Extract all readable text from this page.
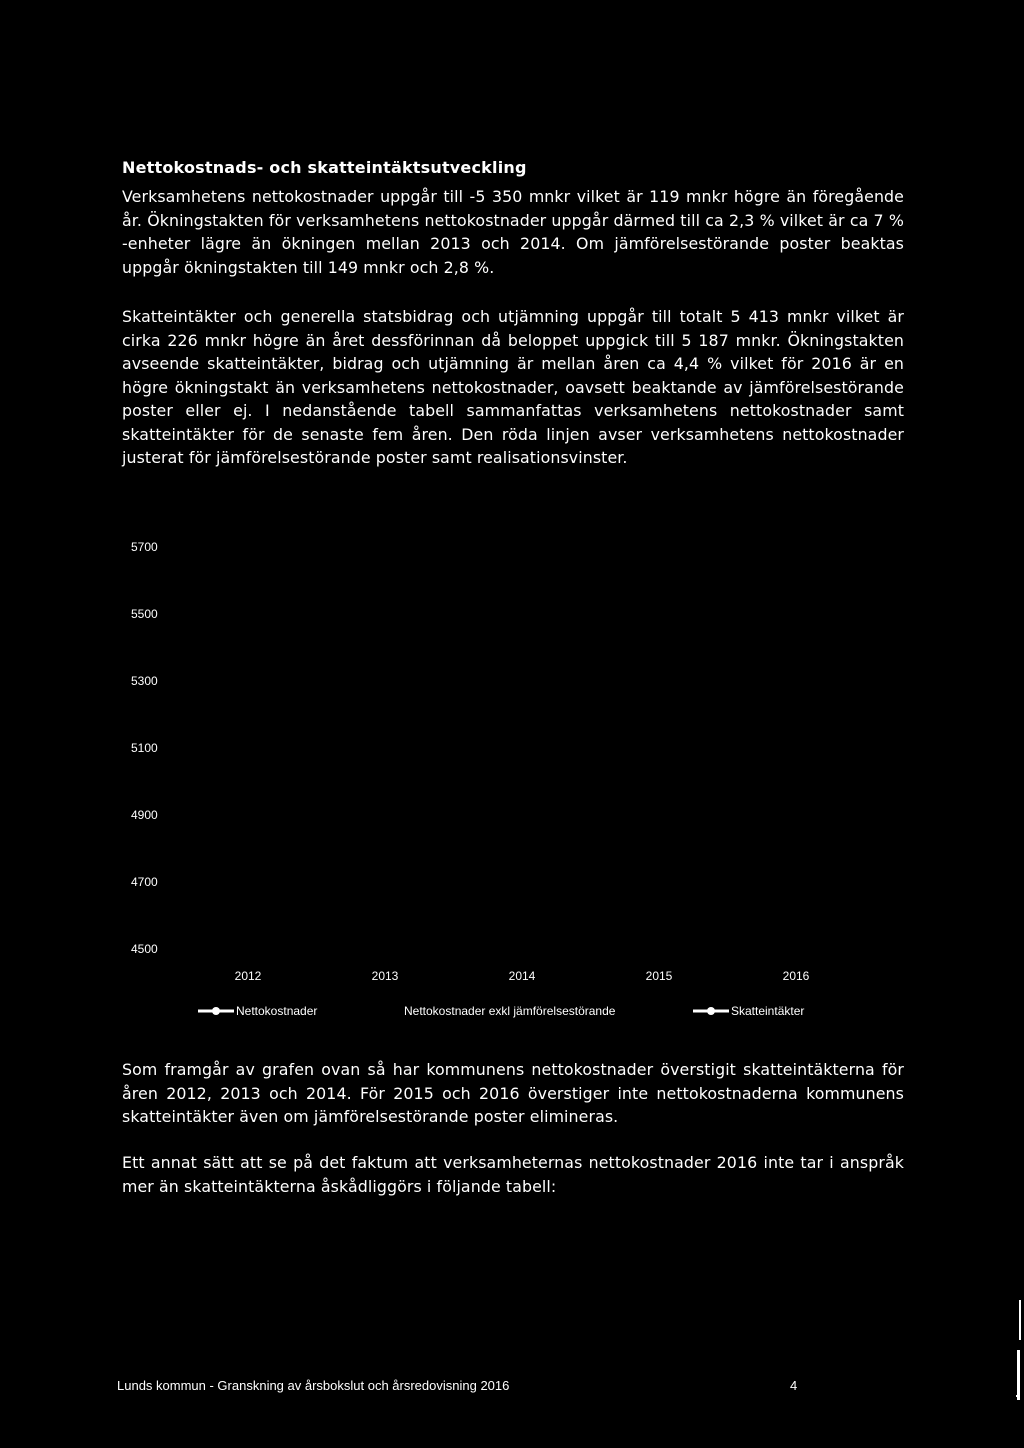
Nettokostnads- och skatteintäktsutveckling
Verksamhetens nettokostnader uppgår till -5 350 mnkr vilket är 119 mnkr högre än föregående år. Ökningstakten för verksamhetens nettokostnader uppgår därmed till ca 2,3 % vilket är ca 7 % -enheter lägre än ökningen mellan 2013 och 2014. Om jämförelsestörande poster beaktas uppgår ökningstakten till 149 mnkr och 2,8 %.
Skatteintäkter och generella statsbidrag och utjämning uppgår till totalt 5 413 mnkr vilket är cirka 226 mnkr högre än året dessförinnan då beloppet uppgick till 5 187 mnkr. Ökningstakten avseende skatteintäkter, bidrag och utjämning är mellan åren ca 4,4 % vilket för 2016 är en högre ökningstakt än verksamhetens nettokostnader, oavsett beaktande av jämförelsestörande poster eller ej. I nedanstående tabell sammanfattas verksamhetens nettokostnader samt skatteintäkter för de senaste fem åren. Den röda linjen avser verksamhetens nettokostnader justerat för jämförelsestörande poster samt realisationsvinster.
5700
5500
5300
5100
4900
4700
4500
2012	2013	2014	2015	2016
Nettokostnader	Nettokostnader exkl jämförelsestörande	Skatteintäkter
Som framgår av grafen ovan så har kommunens nettokostnader överstigit skatteintäkterna för åren 2012, 2013 och 2014. För 2015 och 2016 överstiger inte nettokostnaderna kommunens skatteintäkter även om jämförelsestörande poster elimineras.
Ett annat sätt att se på det faktum att verksamheternas nettokostnader 2016 inte tar i anspråk mer än skatteintäkterna åskådliggörs i följande tabell:
Lunds kommun - Granskning av årsbokslut och årsredovisning 2016	4
